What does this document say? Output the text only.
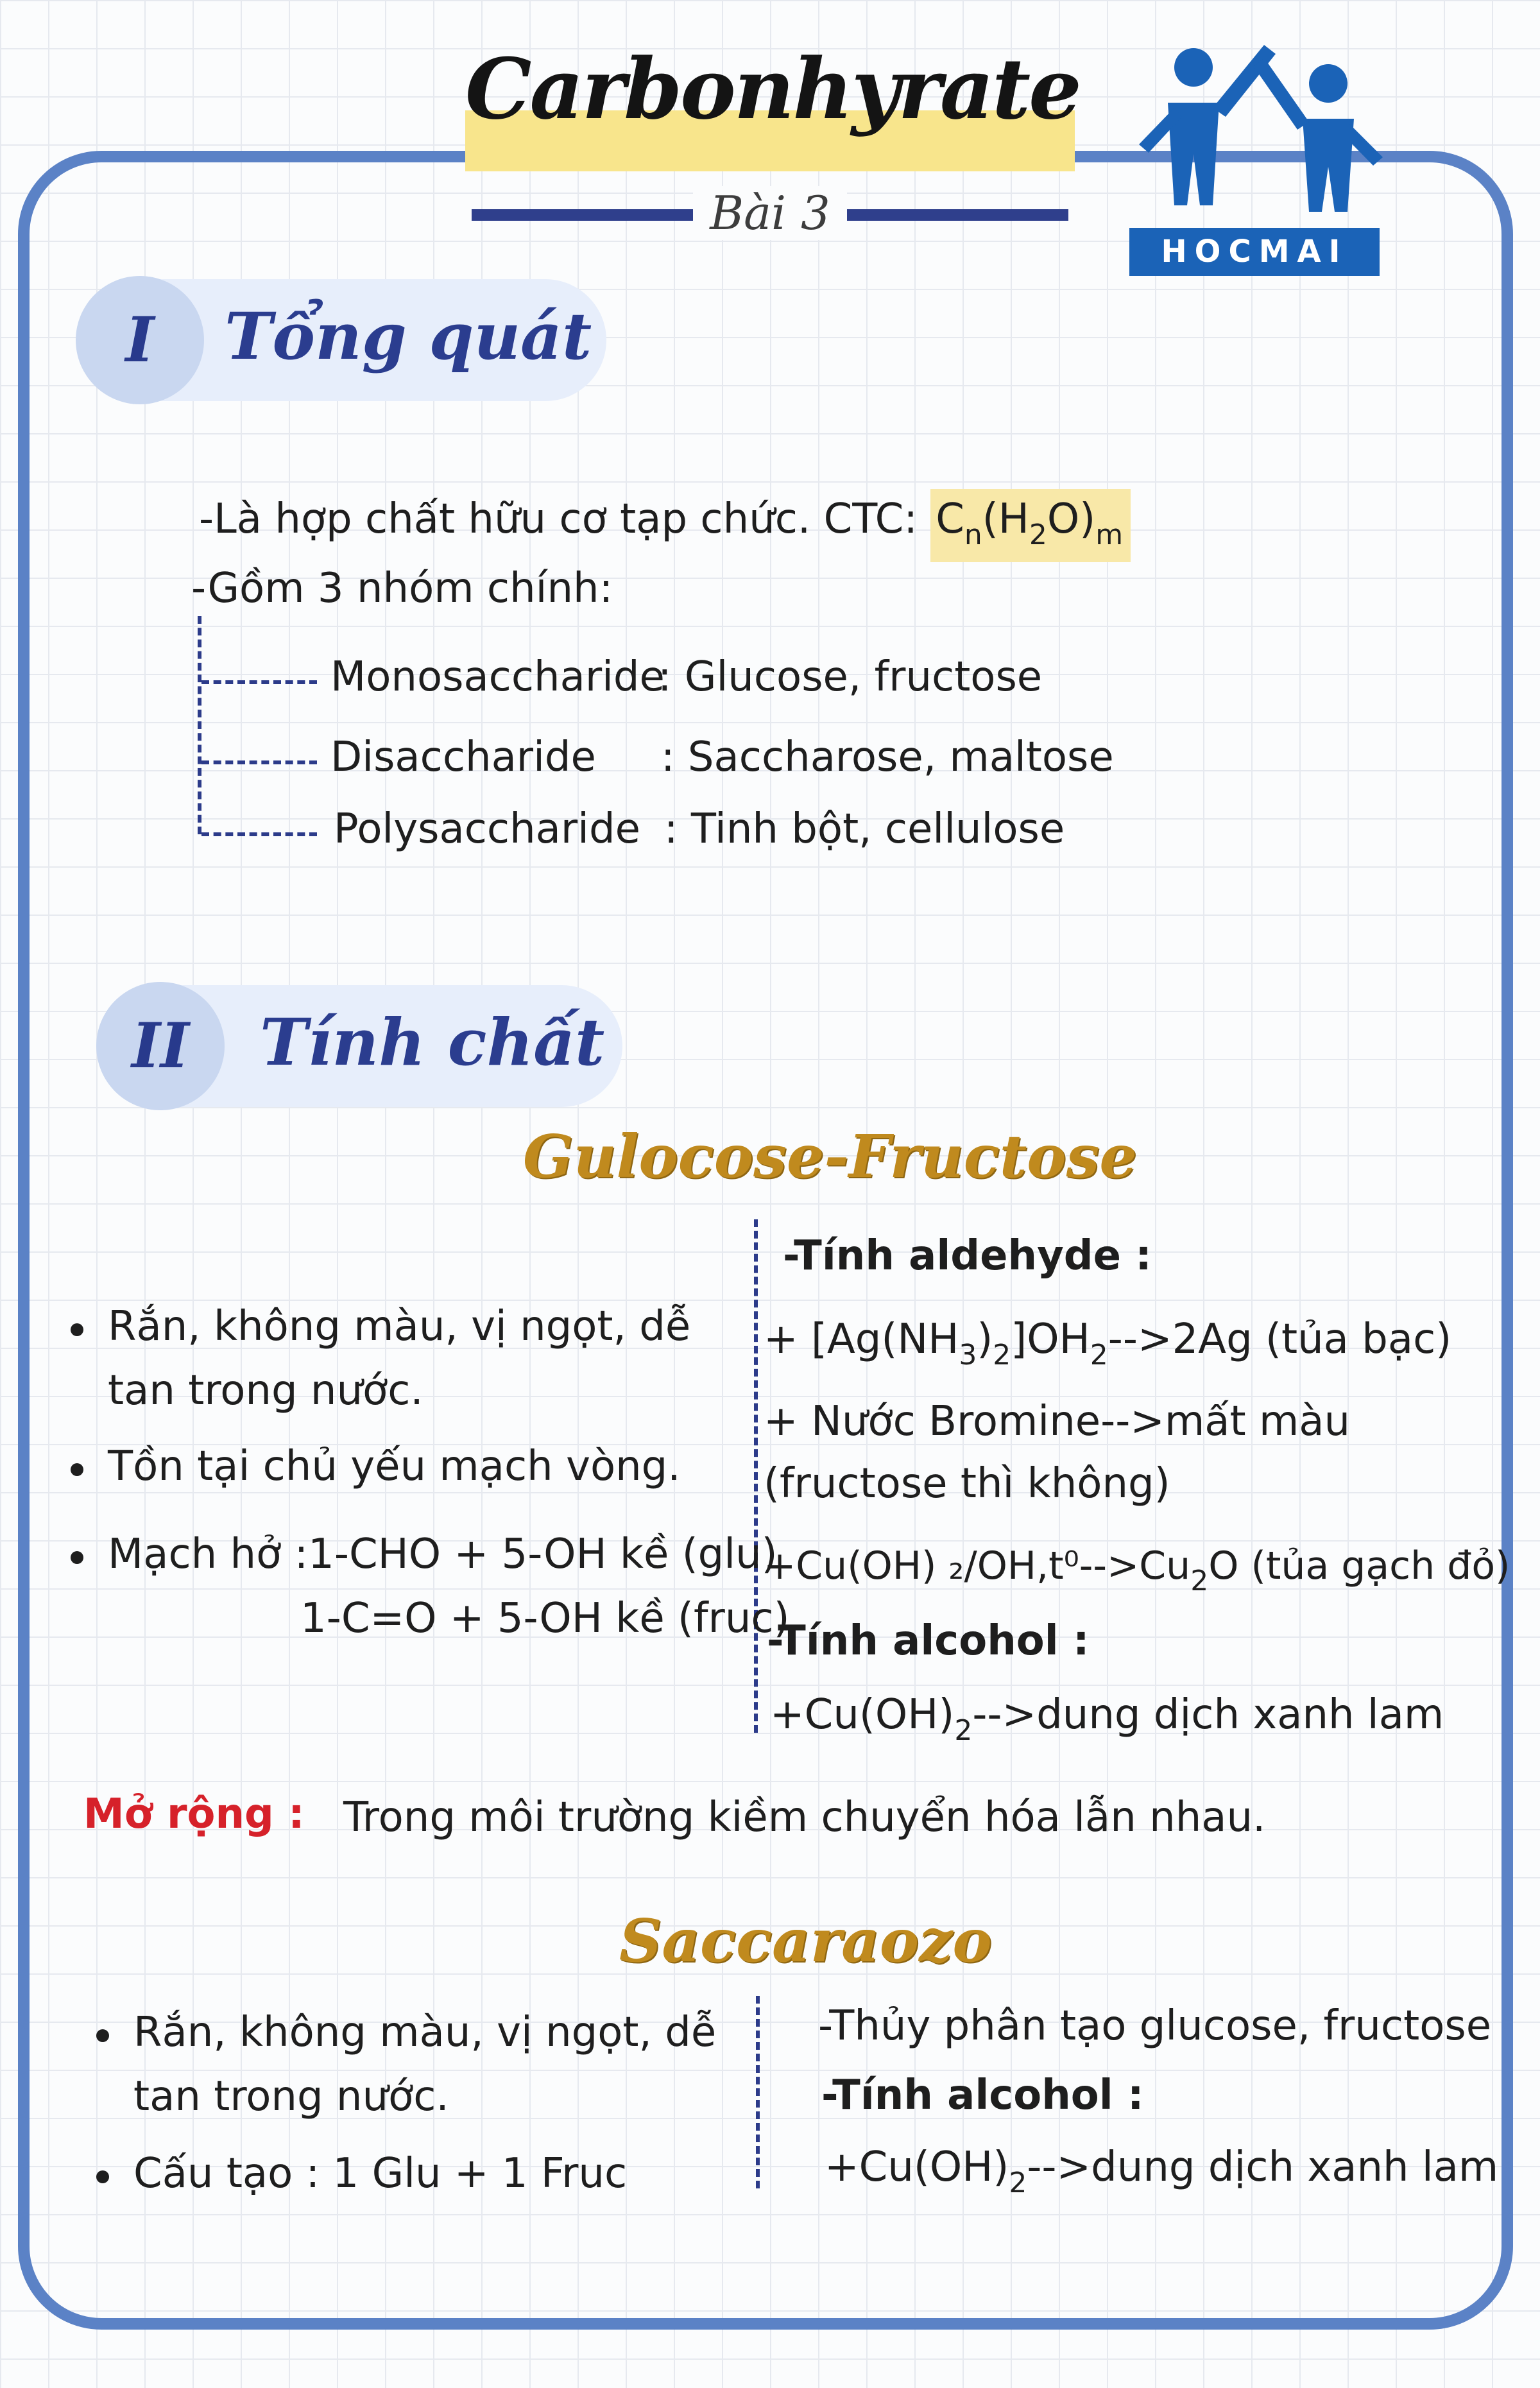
Carbonhyrate
Bài 3
HOCMAI
I	Tổng quát
-Là hợp chất hữu cơ tạp chức. CTC: $C_n(H_2O)_m$
-Gồm 3 nhóm chính:
Monosaccharide
: Glucose, fructose
Disaccharide : Saccharose, maltose
Polysaccharide : Tinh bột, cellulose
II	Tính chất
Gulocose-Fructose
Rắn, không màu, vị ngọt, dễ
tan trong nước.
Tồn tại chủ yếu mạch vòng.
Mạch hở :1-CHO + 5-OH kề (glu)
1-C=O + 5-OH kề (fruc)
-Tính aldehyde :
+ $[Ag(NH_3)_2]OH_2-->2Ag$ (tủa bạc)
+ Nước Bromine-->mất màu
(fructose thì không)
+Cu(OH) $_2/OH,t^0-->Cu_2O$ (tủa gạch đỏ)
-Tính alcohol :
$+Cu(OH)_2-->dung$ dịch xanh lam
Mở rộng : Trong môi trường kiềm chuyển hóa lẫn nhau.
Saccaraozo
Rắn, không màu, vị ngọt, dễ
tan trong nước.
Cấu tạo : 1 Glu + 1 Fruc
-Thủy phân tạo glucose, fructose
-Tính alcohol :
$+Cu(OH)_2-->dung$ dịch xanh lam
